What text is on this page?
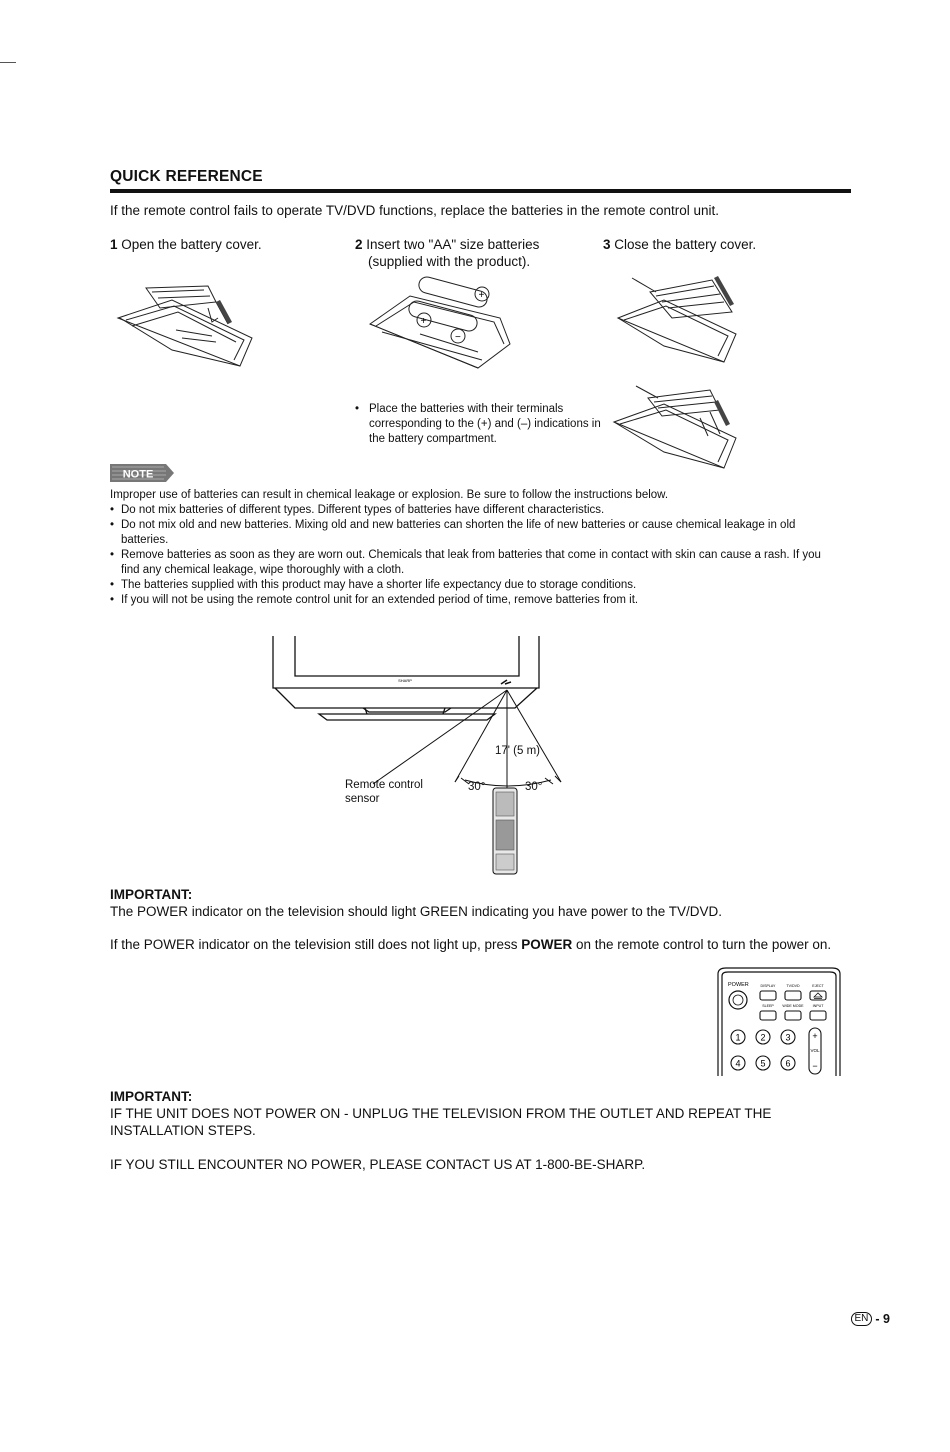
QUICK REFERENCE
If the remote control fails to operate TV/DVD functions, replace the batteries in the remote control unit.
1 Open the battery cover.	2 Insert two "AA" size batteries
(supplied with the product).
3 Close the battery cover.
+
+
−
• Place the batteries with their terminals corresponding to the (+) and (–) indications in the battery compartment.
NOTE
Improper use of batteries can result in chemical leakage or explosion. Be sure to follow the instructions below.
• Do not mix batteries of different types. Different types of batteries have different characteristics.
• Do not mix old and new batteries. Mixing old and new batteries can shorten the life of new batteries or cause chemical leakage in old batteries.
• Remove batteries as soon as they are worn out. Chemicals that leak from batteries that come in contact with skin can cause a rash. If you find any chemical leakage, wipe thoroughly with a cloth.
• The batteries supplied with this product may have a shorter life expectancy due to storage conditions.
• If you will not be using the remote control unit for an extended period of time, remove batteries from it.
SHARP
17' (5 m)
30°	30°
Remote control
sensor
IMPORTANT:
The POWER indicator on the television should light GREEN indicating you have power to the TV/DVD.
If the POWER indicator on the television still does not light up, press POWER on the remote control to turn the power on.
POWER	DISPLAY	TV/DVD	EJECT
SLEEP WIDE MODE	INPUT
1 2 3
4 5 6
+
VOL
−
IMPORTANT:
IF THE UNIT DOES NOT POWER ON - UNPLUG THE TELEVISION FROM THE OUTLET AND REPEAT THE INSTALLATION STEPS.
IF YOU STILL ENCOUNTER NO POWER, PLEASE CONTACT US AT 1-800-BE-SHARP.
EN - 9
